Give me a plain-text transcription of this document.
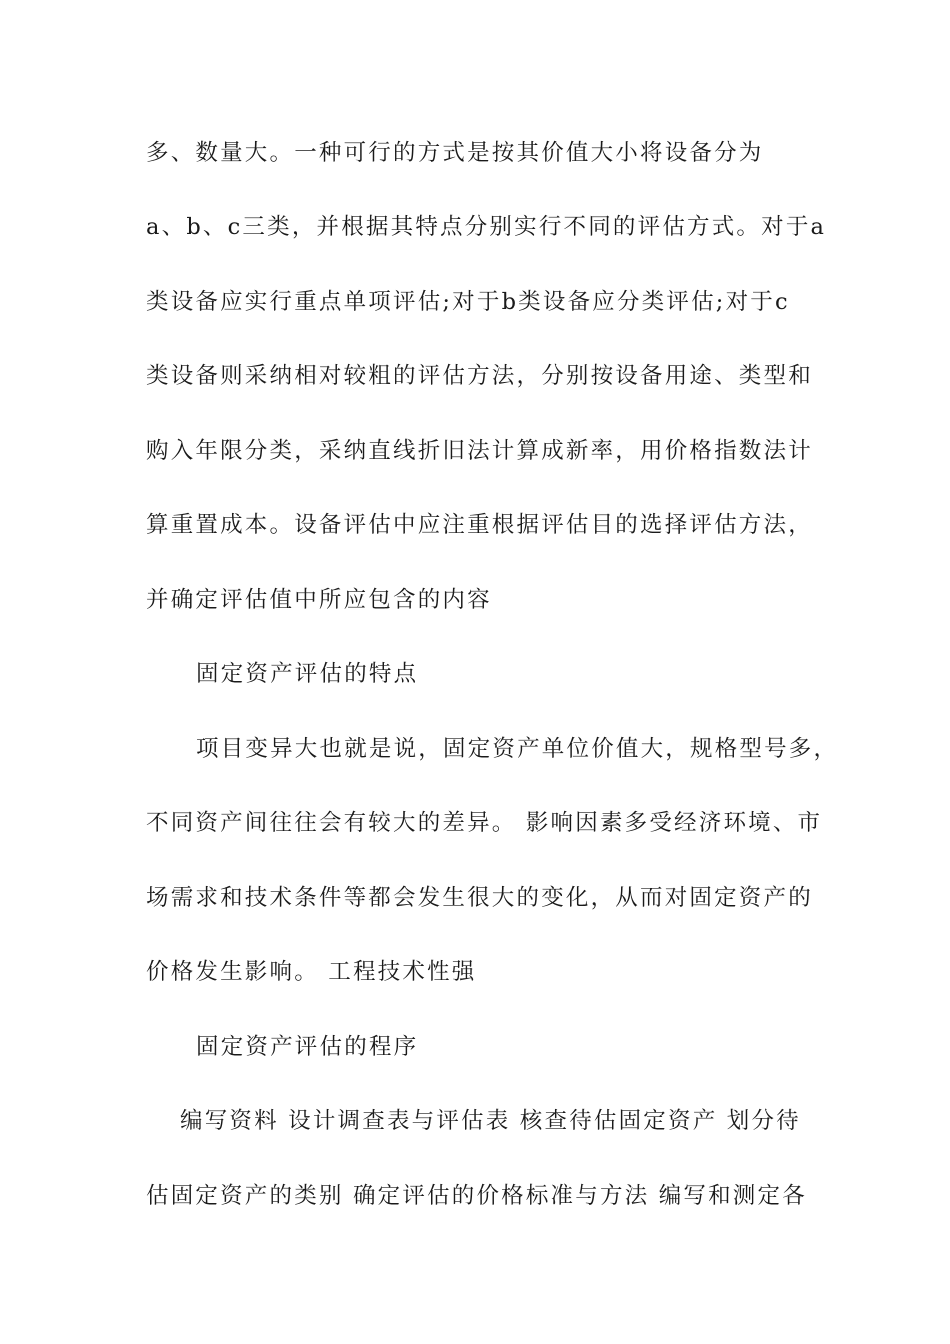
多、数量大。一种可行的方式是按其价值大小将设备分为
a、b、c三类，并根据其特点分别实行不同的评估方式。对于a
类设备应实行重点单项评估;对于b类设备应分类评估;对于c
类设备则采纳相对较粗的评估方法，分别按设备用途、类型和
购入年限分类，采纳直线折旧法计算成新率，用价格指数法计
算重置成本。设备评估中应注重根据评估目的选择评估方法，
并确定评估值中所应包含的内容
固定资产评估的特点
项目变异大也就是说，固定资产单位价值大，规格型号多，
不同资产间往往会有较大的差异。 影响因素多受经济环境、市
场需求和技术条件等都会发生很大的变化，从而对固定资产的
价格发生影响。 工程技术性强
固定资产评估的程序
编写资料 设计调查表与评估表 核查待估固定资产 划分待
估固定资产的类别 确定评估的价格标准与方法 编写和测定各
